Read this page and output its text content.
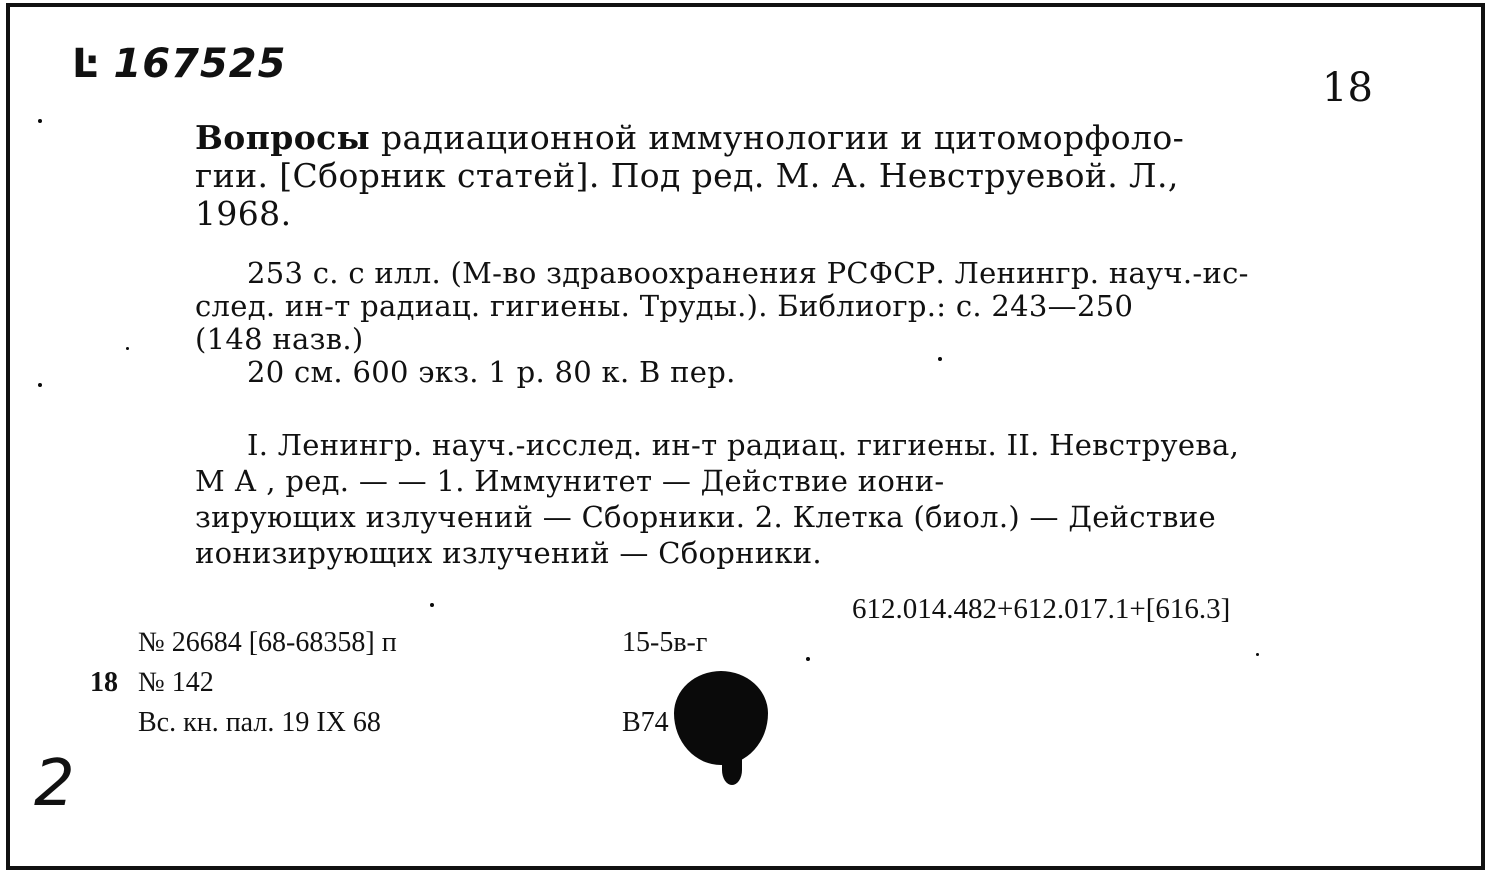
Ŀ 167525
18
Вопросы радиационной иммунологии и цитоморфоло-
гии. [Сборник статей]. Под ред. М. А. Невструевой. Л.,
1968.
253 с. с илл. (М-во здравоохранения РСФСР. Ленингр. науч.-ис-
след. ин-т радиац. гигиены. Труды.). Библиогр.: с. 243—250
(148 назв.)
20 см. 600 экз. 1 р. 80 к. В пер.
I. Ленингр. науч.-исслед. ин-т радиац. гигиены. II. Невструева,
М А , ред. — — 1. Иммунитет — Действие иони-
зирующих излучений — Сборники. 2. Клетка (биол.) — Действие
ионизирующих излучений — Сборники.
612.014.482+612.017.1+[616.3]
№ 26684 [68-68358] п	15-5в-г
18 № 142
Вс. кн. пал. 19 IX 68	В74
2
